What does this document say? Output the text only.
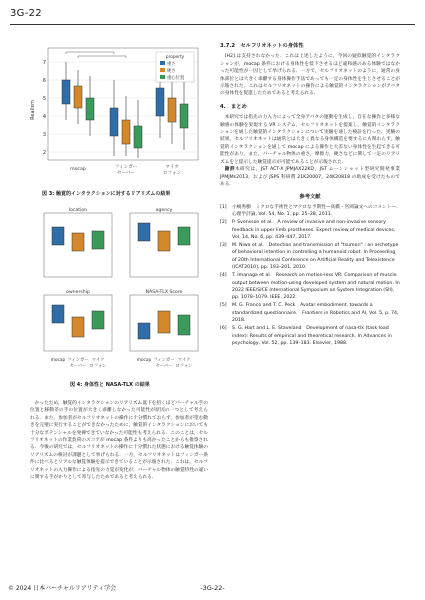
3G-22
7
6
5
4
3
2
Realism
property
重さ
硬さ
重心位置
mocap	フィンガー
セーバー
マイク
ロフォン
図 3: 触覚的インタラクションに対するリアリズムの結果
location	agency
ownership	NASA-TLX Score
mocap フィンガー
セーバー
マイク
ロフォン
mocap フィンガー
セーバー
マイク
ロフォン
図 4: 身体性と NASA-TLX の結果

かったため，触覚的インタラクションのリアリズム低下を招くほどバーチャル手の位置と移動差の手の位置が大きく乖離しなかった可能性が原因の一つとして考えられる．また，参加者がセルフリオネットの操作に十分慣れておらず，参加者が望む動きを完璧に実行することができなかったために，触覚的インタラクションにおいても十分なポテンシャルを発揮できていなかった可能性も考えられる．このことは，セルフリオネットの作業負荷のスコアが mocap 条件よりも高かったことからも推察される．今後の研究では，セルフリオネットの操作に十分慣れた状態における触覚体験のリアリズムの検討が課題として挙げられる．一方，セルフリオネットはフィンガー条件に比べるとリアルな触覚体験を提示できていることが示唆された．これは，セルフリオネットの入力操作による指先の力覚が変化が，バーチャル物体の触覚特性の違いに関する手がかりとして寄与したためであると考えられる．

3.7.2　セルフリオネットの身体性

[H2] は支持されなかった．これは上述したように，今回の疑似触覚的インタラクションが，mocap 条件における身体性を低下させるほど違和感のある体験ではなかった可能性が一因として挙げられる．一方で，セルフリオネットのように，通常の身体部位とは大きく乖離する身体操作手法であっても一定の身体性を生じさせることが示唆された．これはセルフリオネットの操作による触覚的インタラクションがアバタの身体性を促進したためであると考えられる．

4.　まとめ

本研究では指先の力入力によって全身アバタの運動を生成し，自在な操作と多様な触感の体験を実現する VR システム，セルフリオネットを提案し，触覚的インタラクションを通した触覚的インタラクションについて実験を通した検証を行った．実験の結果，セルフリオネットは通常とは大きく異なる身体構造を要するにも関わらず，触覚的インタラクションを通して mocap による操作と大差ない身体性を生起できる可能性があり，また，バーチャル物体の重さ，摩擦力，硬さなどに関して一定のリアリズムをと提示した触覚提示が可能であることが示唆された．

謝辞本研究は，JST ACT-X JPMJAX22KD，JST ムーンショット型研究開発事業 JPMJMs2013，および JSPS 科研費 21K20007，24K20818 の助成を受けたものである．

参考文献
[1]	小嶋秀樹　ミクロな手術性とマクロな予期性—高橋・宮岡論文へのコメント—. 心理学評論, Vol. 54, No. 1, pp. 25–28, 2011.
[2]	P. Svensson et al.　A review of invasive and non-invasive sensory feedback in upper limb prostheses. Expert review of medical devices, Vol. 14, No. 6, pp. 439–447, 2017.
[3]	M. Niwa et al.　Detection and transmission of "tsumori" : an archetype of behavioral intention in controlling a humanoid robot. In Proceeding of 20th International Conference on Artificial Reality and Telexistence (ICAT2010), pp. 193–201, 2010.
[4]	T. Imanaga et al.　Research on motion-less VR: Comparison of muscle output between motion-using developed system and natural motion. In 2022 IEEE/SICE International Symposium on System Integration (SII), pp. 1078–1079. IEEE, 2022.
[5]	M. G. Franco and T. C. Peck　Avatar embodiment. towards a standardized questionnaire.　Frontiers in Robotics and AI, Vol. 5, p. 74, 2018.
[6]	S. G. Hart and L. E. Staveland　Development of nasa-tlx (task load index): Results of empirical and theoretical research. In Advances in psychology, Vol. 52, pp. 139–183. Elsevier, 1988.
© 2024 日本バーチャルリアリティ学会	-3G-22-
